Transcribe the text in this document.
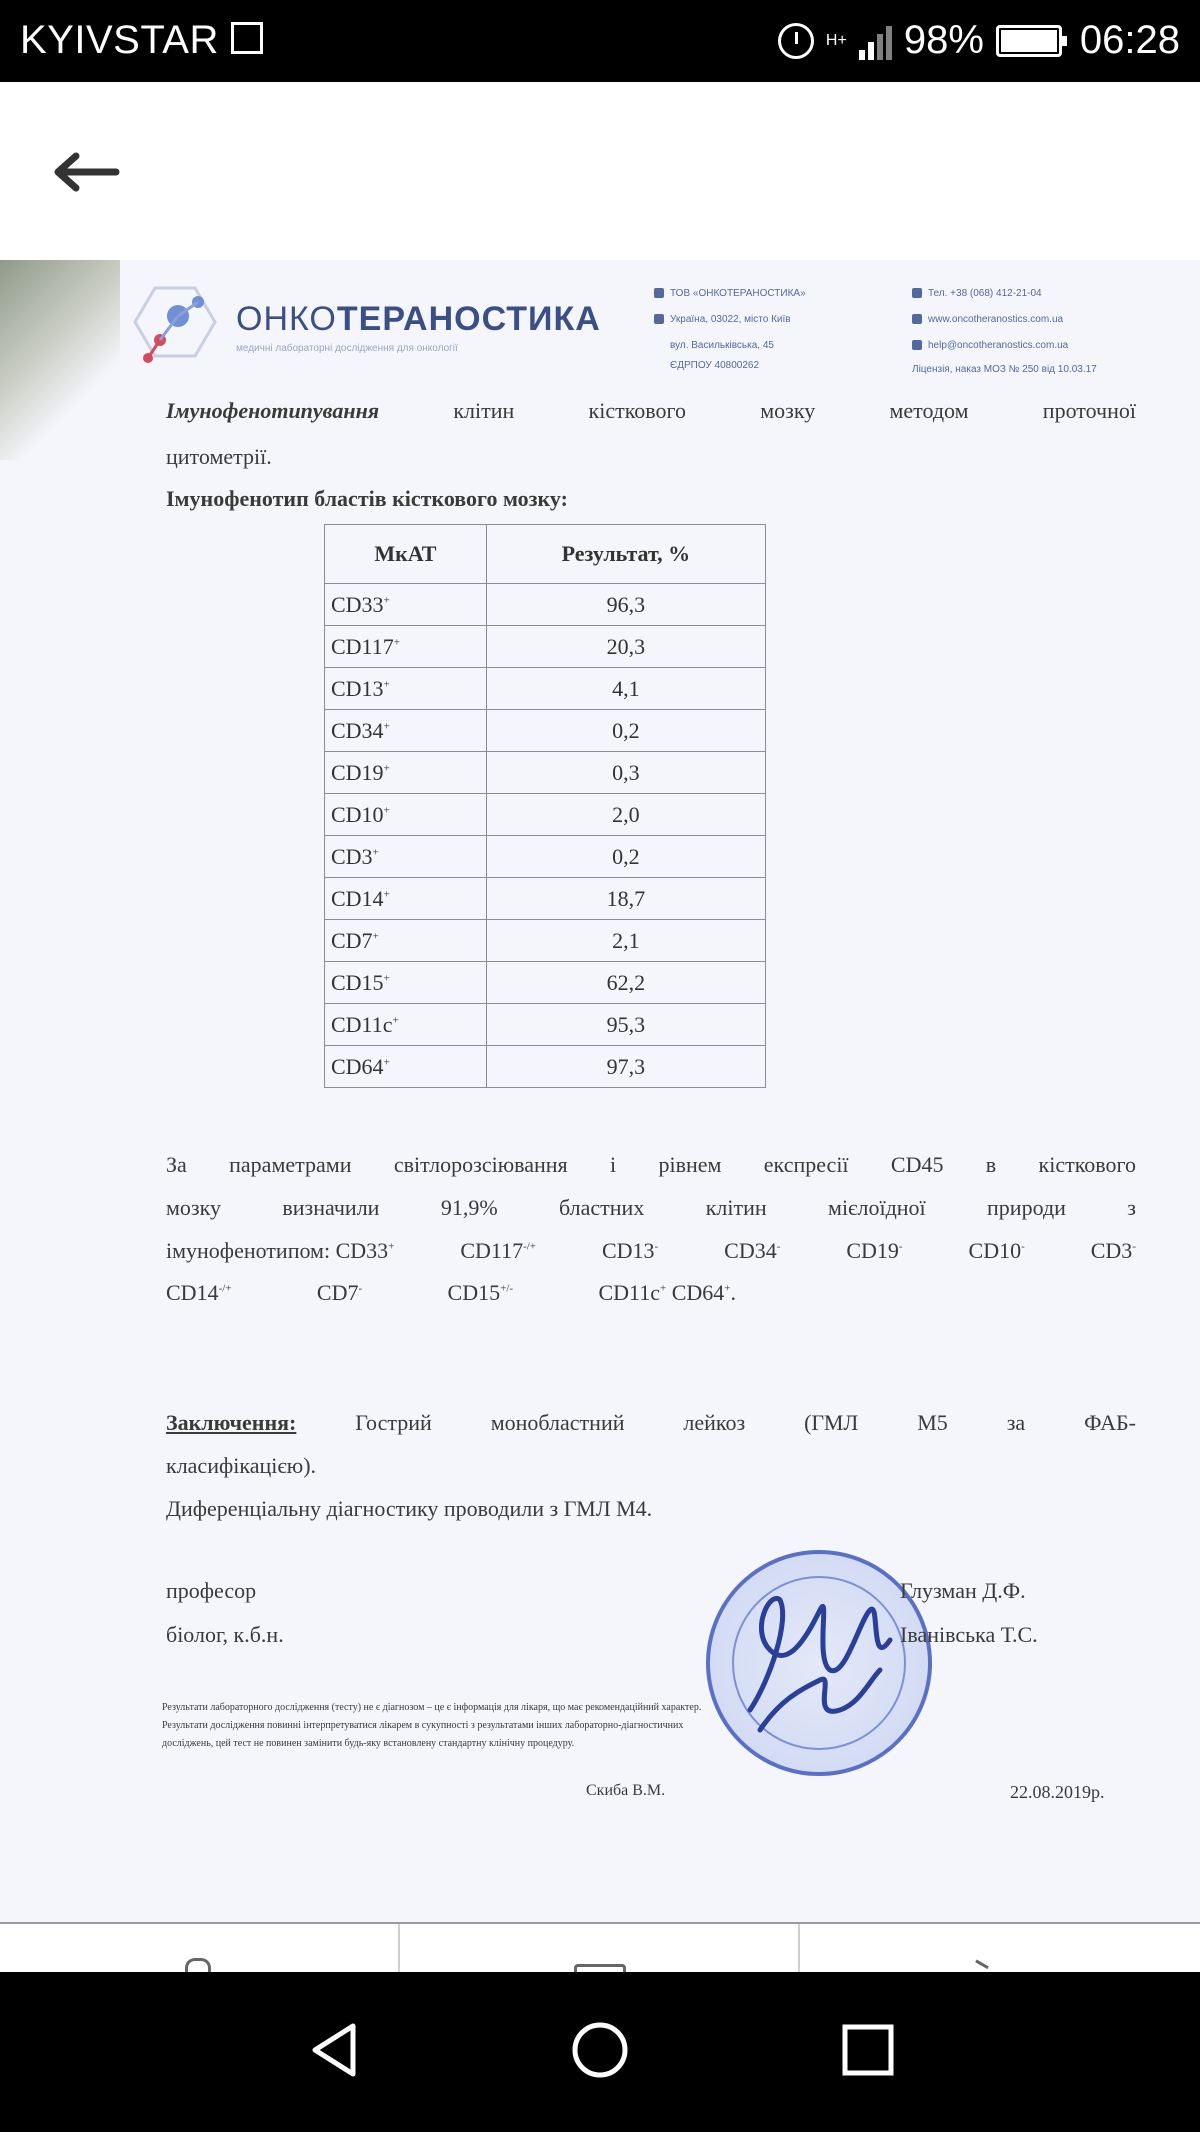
KYIVSTAR	H+ 98% 06:28
ОНКОТЕРАНОСТИКА
медичні лабораторні дослідження для онкології
ТОВ «ОНКОТЕРАНОСТИКА»
Україна, 03022, місто Київ
вул. Васильківська, 45
ЄДРПОУ 40800262
Тел. +38 (068) 412-21-04
www.oncotheranostics.com.ua
help@oncotheranostics.com.ua
Ліцензія, наказ МОЗ № 250 від 10.03.17
Імунофенотипування	клітин	кісткового	мозку	методом	проточної
цитометрії.
Імунофенотип бластів кісткового мозку:
МкАТ	Результат, %
CD33+	96,3
CD117+	20,3
CD13+	4,1
CD34+	0,2
CD19+	0,3
CD10+	2,0
CD3+	0,2
CD14+	18,7
CD7+	2,1
CD15+	62,2
CD11c+	95,3
CD64+	97,3
За параметрами світлорозсіювання і рівнем експресії CD45 в кісткового
мозку	визначили	91,9%	бластних	клітин	мієлоїдної	природи	з
імунофенотипом: CD33+	CD117-/+	CD13-	CD34-	CD19-	CD10-	CD3-
CD14-/+	CD7-	CD15+/-	CD11c+ CD64+.
Заключення:	Гострий	монобластний	лейкоз	(ГМЛ	М5	за	ФАБ-
класифікацією).
Диференціальну діагностику проводили з ГМЛ М4.
професор	Глузман Д.Ф.
біолог, к.б.н.	Іванівська Т.С.
Результати лабораторного дослідження (тесту) не є діагнозом – це є інформація для лікаря, що має рекомендаційний характер.
Результати дослідження повинні інтерпретуватися лікарем в сукупності з результатами інших лабораторно-діагностичних
досліджень, цей тест не повинен замінити будь-яку встановлену стандартну клінічну процедуру.
Скиба В.М.	22.08.2019р.
